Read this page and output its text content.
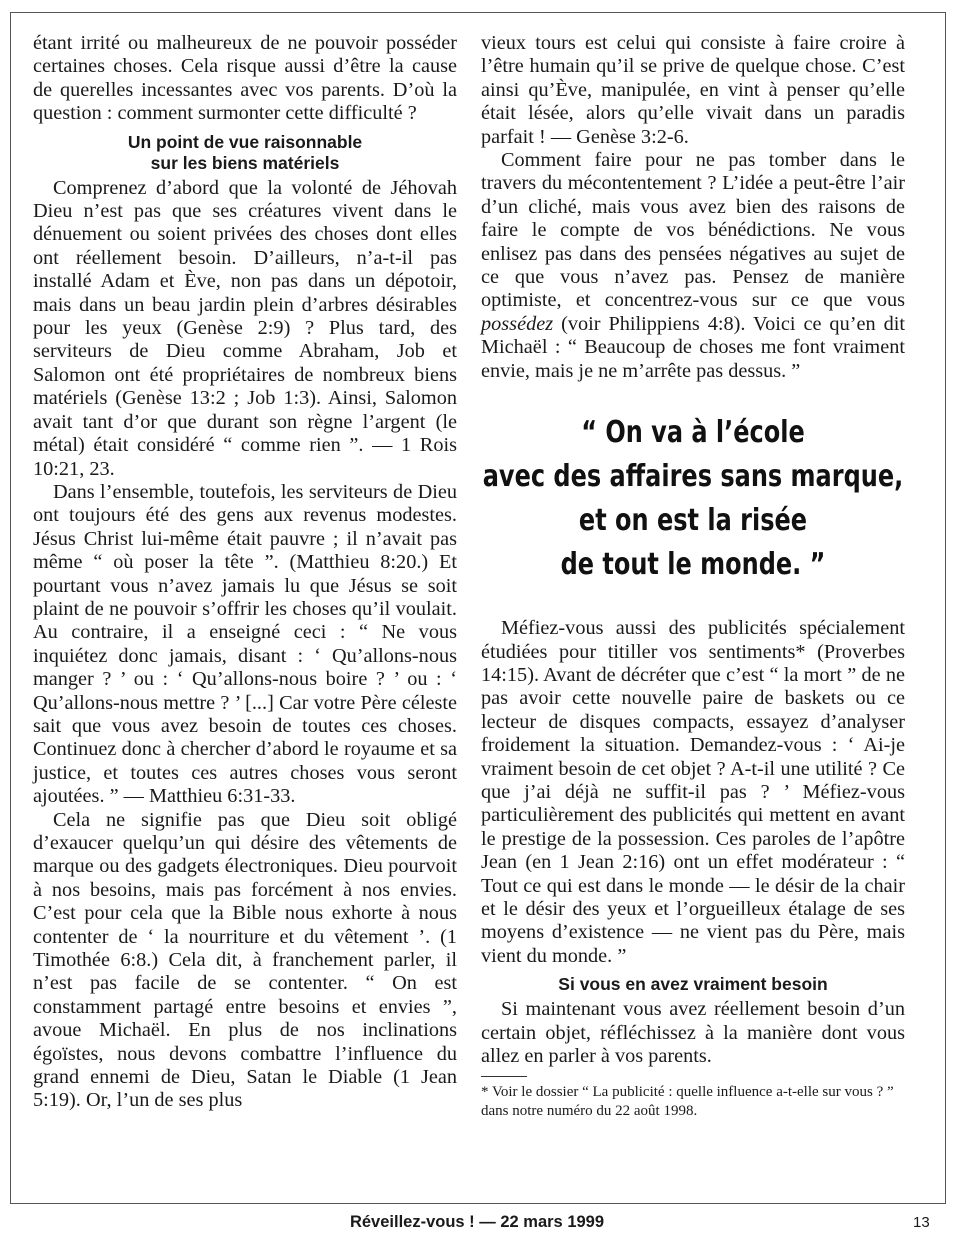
étant irrité ou malheureux de ne pouvoir posséder certaines choses. Cela risque aussi d’être la cause de querelles incessantes avec vos parents. D’où la question : comment surmonter cette difficulté ?

Un point de vue raisonnable
sur les biens matériels

Comprenez d’abord que la volonté de Jéhovah Dieu n’est pas que ses créatures vivent dans le dénuement ou soient privées des choses dont elles ont réellement besoin. D’ailleurs, n’a-t-il pas installé Adam et Ève, non pas dans un dépotoir, mais dans un beau jardin plein d’arbres désirables pour les yeux (Genèse 2:9) ? Plus tard, des serviteurs de Dieu comme Abraham, Job et Salomon ont été propriétaires de nombreux biens matériels (Genèse 13:2 ; Job 1:3). Ainsi, Salomon avait tant d’or que durant son règne l’argent (le métal) était considéré “ comme rien ”. — 1 Rois 10:21, 23.

Dans l’ensemble, toutefois, les serviteurs de Dieu ont toujours été des gens aux revenus modestes. Jésus Christ lui-même était pauvre ; il n’avait pas même “ où poser la tête ”. (Matthieu 8:20.) Et pourtant vous n’avez jamais lu que Jésus se soit plaint de ne pouvoir s’offrir les choses qu’il voulait. Au contraire, il a enseigné ceci : “ Ne vous inquiétez donc jamais, disant : ‘ Qu’allons-nous manger ? ’ ou : ‘ Qu’allons-nous boire ? ’ ou : ‘ Qu’allons-nous mettre ? ’ [...] Car votre Père céleste sait que vous avez besoin de toutes ces choses. Continuez donc à chercher d’abord le royaume et sa justice, et toutes ces autres choses vous seront ajoutées. ” — Matthieu 6:31-33.

Cela ne signifie pas que Dieu soit obligé d’exaucer quelqu’un qui désire des vêtements de marque ou des gadgets électroniques. Dieu pourvoit à nos besoins, mais pas forcément à nos envies. C’est pour cela que la Bible nous exhorte à nous contenter de ‘ la nourriture et du vêtement ’. (1 Timothée 6:8.) Cela dit, à franchement parler, il n’est pas facile de se contenter. “ On est constamment partagé entre besoins et envies ”, avoue Michaël. En plus de nos inclinations égoïstes, nous devons combattre l’influence du grand ennemi de Dieu, Satan le Diable (1 Jean 5:19). Or, l’un de ses plus

vieux tours est celui qui consiste à faire croire à l’être humain qu’il se prive de quelque chose. C’est ainsi qu’Ève, manipulée, en vint à penser qu’elle était lésée, alors qu’elle vivait dans un paradis parfait ! — Genèse 3:2-6.

Comment faire pour ne pas tomber dans le travers du mécontentement ? L’idée a peut-être l’air d’un cliché, mais vous avez bien des raisons de faire le compte de vos bénédictions. Ne vous enlisez pas dans des pensées négatives au sujet de ce que vous n’avez pas. Pensez de manière optimiste, et concentrez-vous sur ce que vous possédez (voir Philippiens 4:8). Voici ce qu’en dit Michaël : “ Beaucoup de choses me font vraiment envie, mais je ne m’arrête pas dessus. ”

“ On va à l’école
avec des affaires sans marque,
et on est la risée
de tout le monde. ”

Méfiez-vous aussi des publicités spécialement étudiées pour titiller vos sentiments* (Proverbes 14:15). Avant de décréter que c’est “ la mort ” de ne pas avoir cette nouvelle paire de baskets ou ce lecteur de disques compacts, essayez d’analyser froidement la situation. Demandez-vous : ‘ Ai-je vraiment besoin de cet objet ? A-t-il une utilité ? Ce que j’ai déjà ne suffit-il pas ? ’ Méfiez-vous particulièrement des publicités qui mettent en avant le prestige de la possession. Ces paroles de l’apôtre Jean (en 1 Jean 2:16) ont un effet modérateur : “ Tout ce qui est dans le monde — le désir de la chair et le désir des yeux et l’orgueilleux étalage de ses moyens d’existence — ne vient pas du Père, mais vient du monde. ”

Si vous en avez vraiment besoin

Si maintenant vous avez réellement besoin d’un certain objet, réfléchissez à la manière dont vous allez en parler à vos parents.

* Voir le dossier “ La publicité : quelle influence a-t-elle sur vous ? ” dans notre numéro du 22 août 1998.

Réveillez-vous ! — 22 mars 1999	13
